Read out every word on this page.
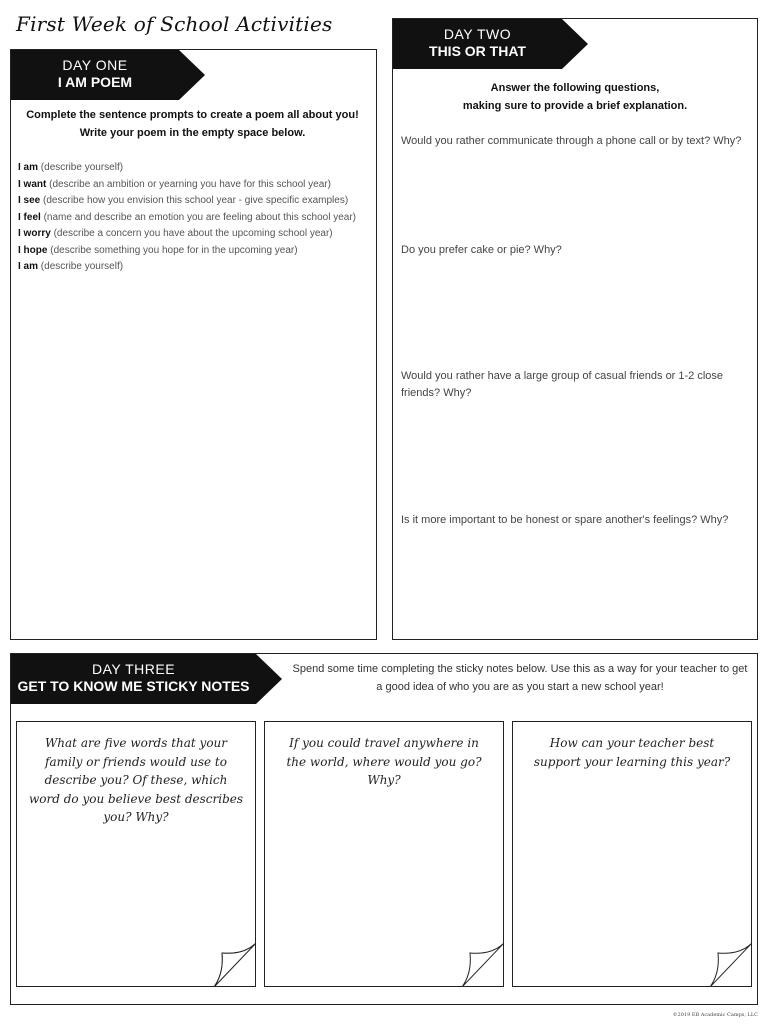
First Week of School Activities
DAY ONE
I AM POEM
Complete the sentence prompts to create a poem all about you!
Write your poem in the empty space below.
I am (describe yourself)
I want (describe an ambition or yearning you have for this school year)
I see (describe how you envision this school year - give specific examples)
I feel (name and describe an emotion you are feeling about this school year)
I worry (describe a concern you have about the upcoming school year)
I hope (describe something you hope for in the upcoming year)
I am (describe yourself)
DAY TWO
THIS OR THAT
Answer the following questions,
making sure to provide a brief explanation.
Would you rather communicate through a phone call or by text? Why?
Do you prefer cake or pie? Why?
Would you rather have a large group of casual friends or 1-2 close friends? Why?
Is it more important to be honest or spare another's feelings? Why?
DAY THREE
GET TO KNOW ME STICKY NOTES
Spend some time completing the sticky notes below. Use this as a way for your teacher to get a good idea of who you are as you start a new school year!
What are five words that your family or friends would use to describe you? Of these, which word do you believe best describes you? Why?
If you could travel anywhere in the world, where would you go? Why?
How can your teacher best support your learning this year?
©2019 EB Academic Camps, LLC
